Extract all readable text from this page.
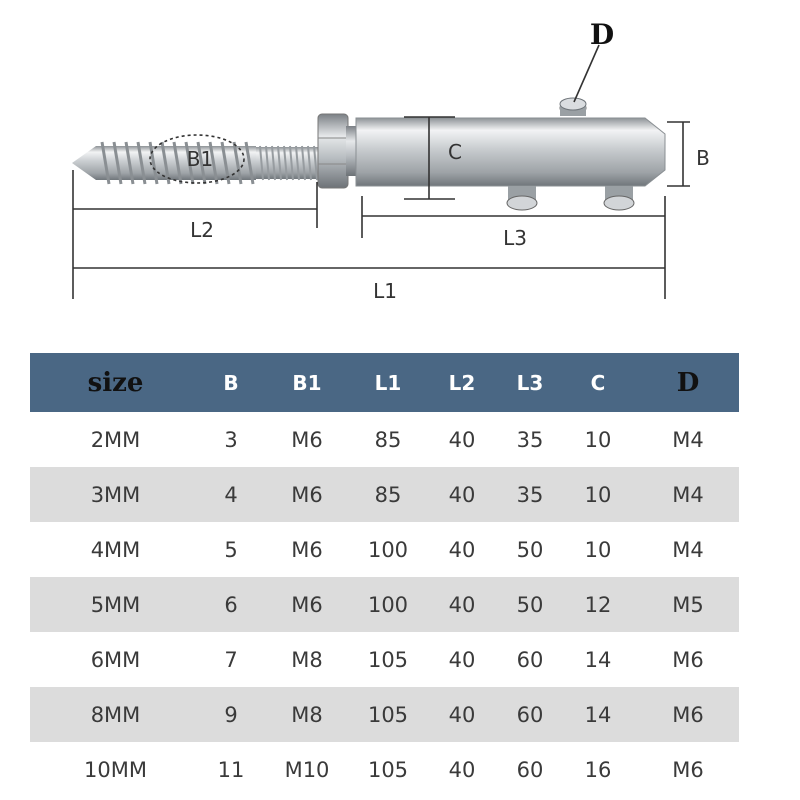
B1	C	B
D
L2	L3
L1
size	B	B1	L1	L2	L3	C	D
2MM	3	M6	85	40	35	10	M4
3MM	4	M6	85	40	35	10	M4
4MM	5	M6	100	40	50	10	M4
5MM	6	M6	100	40	50	12	M5
6MM	7	M8	105	40	60	14	M6
8MM	9	M8	105	40	60	14	M6
10MM	11	M10	105	40	60	16	M6
